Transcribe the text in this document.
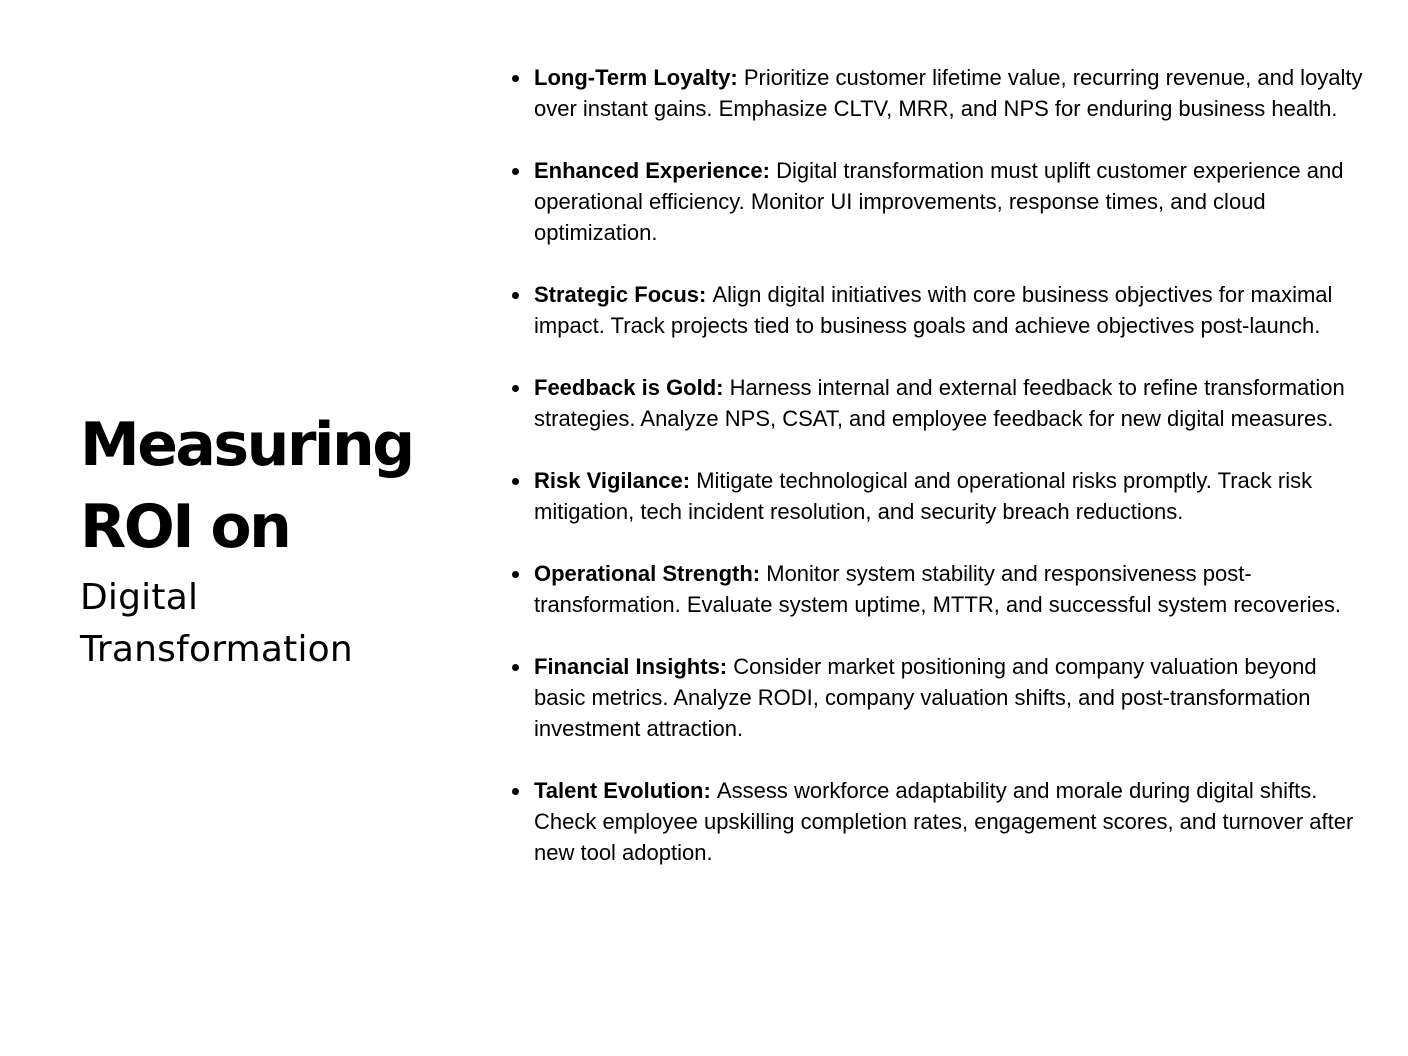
Measuring
ROI on
Digital
Transformation
Long-Term Loyalty: Prioritize customer lifetime value, recurring revenue, and loyalty over instant gains. Emphasize CLTV, MRR, and NPS for enduring business health.
Enhanced Experience: Digital transformation must uplift customer experience and operational efficiency. Monitor UI improvements, response times, and cloud optimization.
Strategic Focus: Align digital initiatives with core business objectives for maximal impact. Track projects tied to business goals and achieve objectives post-launch.
Feedback is Gold: Harness internal and external feedback to refine transformation strategies. Analyze NPS, CSAT, and employee feedback for new digital measures.
Risk Vigilance: Mitigate technological and operational risks promptly. Track risk mitigation, tech incident resolution, and security breach reductions.
Operational Strength: Monitor system stability and responsiveness post-transformation. Evaluate system uptime, MTTR, and successful system recoveries.
Financial Insights: Consider market positioning and company valuation beyond basic metrics. Analyze RODI, company valuation shifts, and post-transformation investment attraction.
Talent Evolution: Assess workforce adaptability and morale during digital shifts. Check employee upskilling completion rates, engagement scores, and turnover after new tool adoption.
